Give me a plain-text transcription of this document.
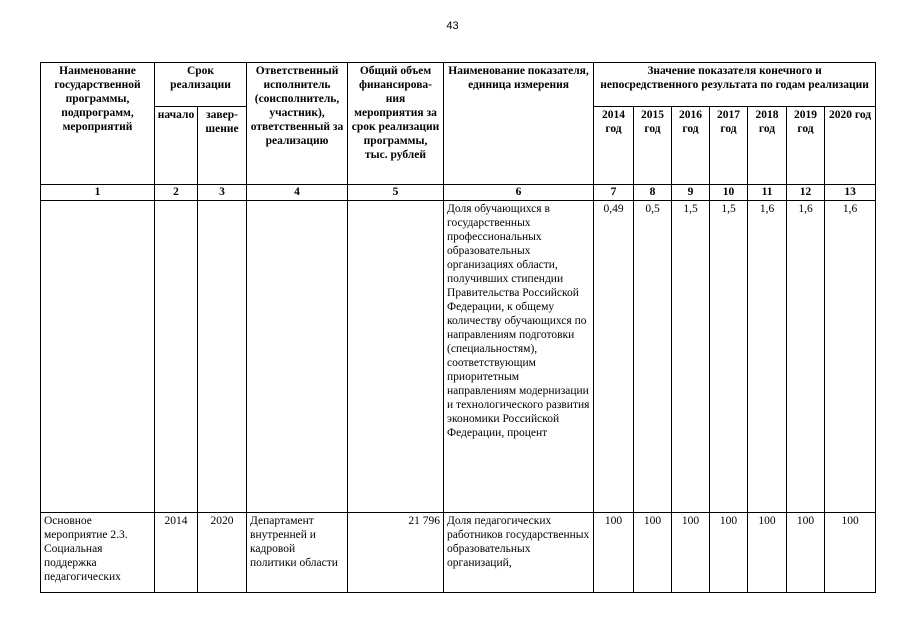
43
Наименование государственной программы, подпрограмм, мероприятий	Срок реализации		Ответственный исполнитель (соисполнитель, участник), ответственный за реализацию	Общий объем финансирова-ния мероприятия за срок реализации программы, тыс. рублей	Наименование показателя, единица измерения	Значение показателя конечного и непосредственного результата по годам реализации						
	начало	завер-шение				2014 год	2015 год	2016 год	2017 год	2018 год	2019 год	2020 год
1	2	3	4	5	6	7	8	9	10	11	12	13
					Доля обучающихся в государственных профессиональных образовательных организациях области, получивших стипендии Правительства Российской Федерации, к общему количеству обучающихся по направлениям подготовки (специальностям), соответствующим приоритетным направлениям модернизации и технологического развития экономики Российской Федерации, процент	0,49	0,5	1,5	1,5	1,6	1,6	1,6
Основное мероприятие 2.3. Социальная поддержка педагогических	2014	2020	Департамент внутренней и кадровой политики области	21 796	Доля педагогических работников государственных образовательных организаций,	100	100	100	100	100	100	100
